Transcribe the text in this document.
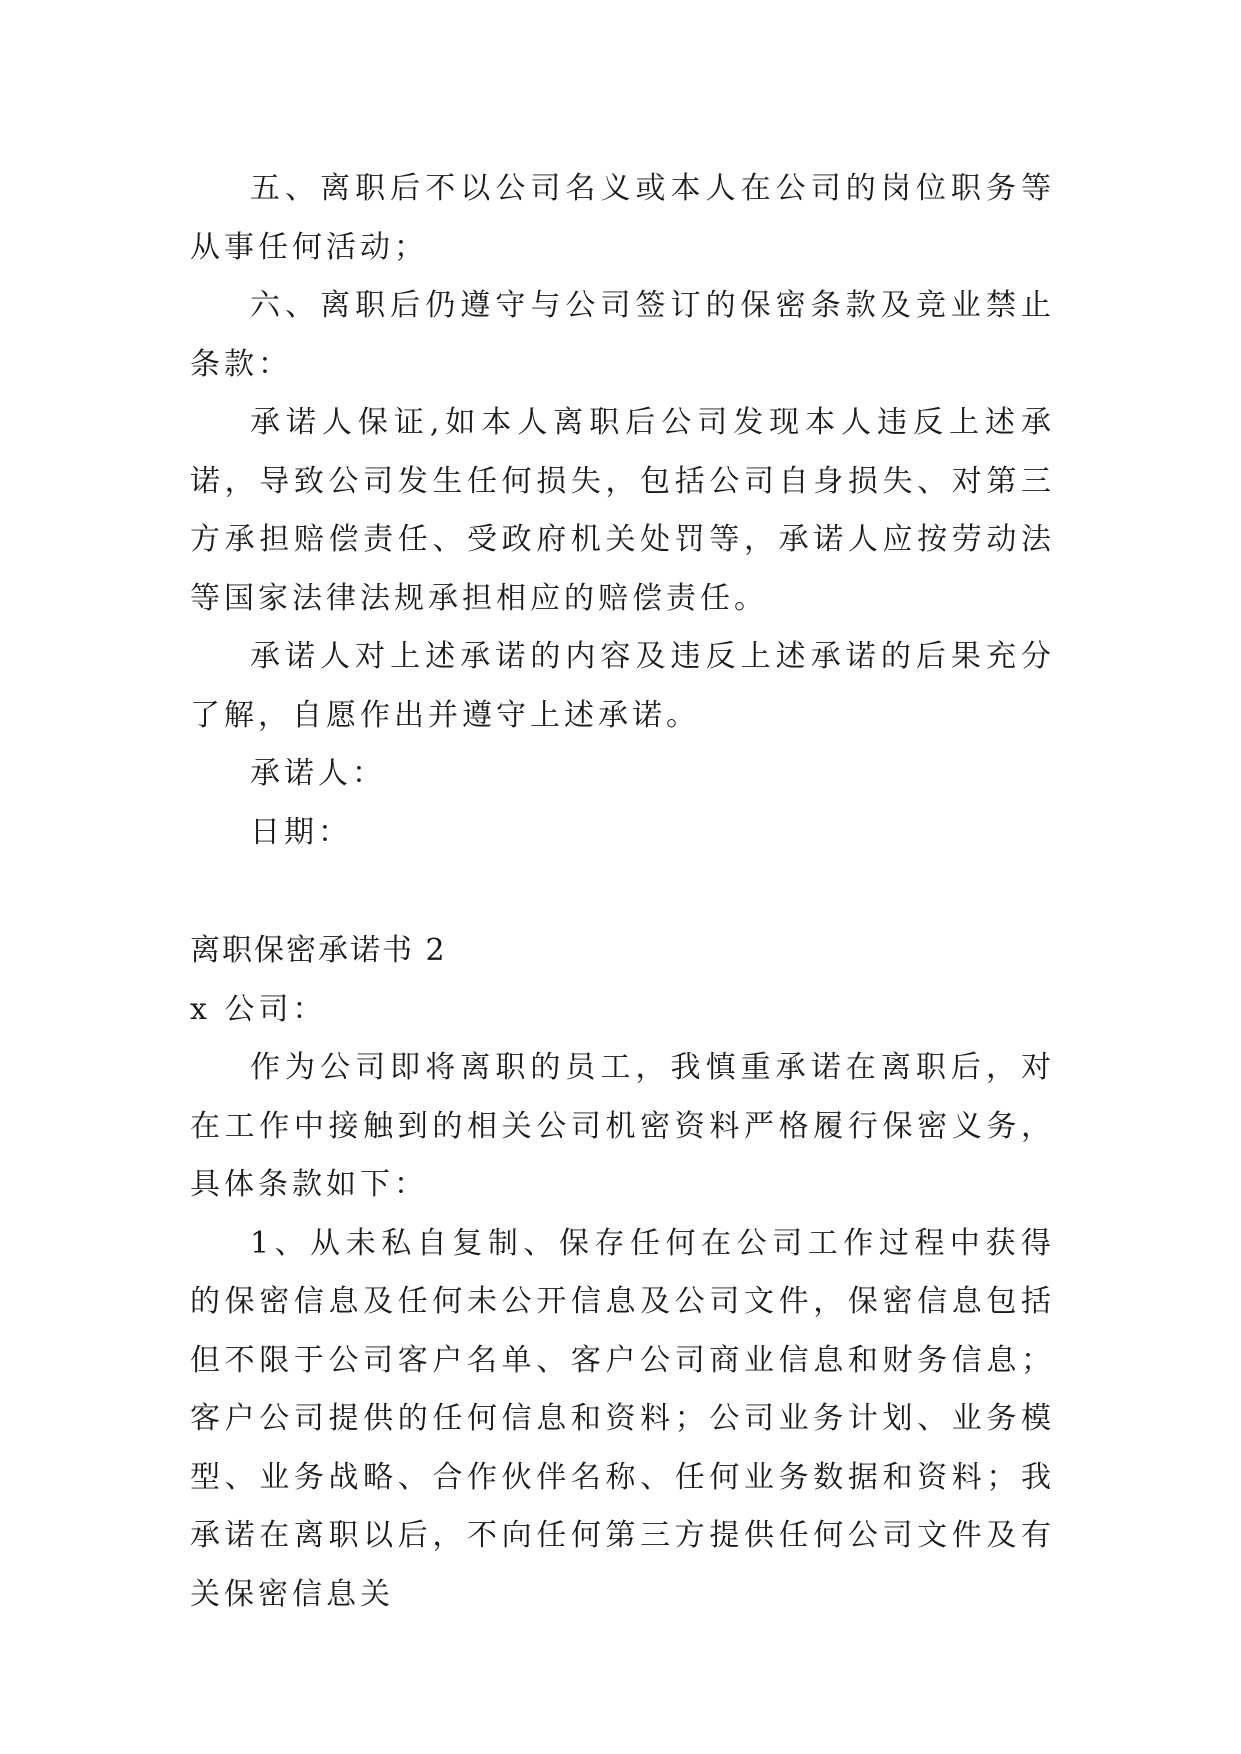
五、离职后不以公司名义或本人在公司的岗位职务等从事任何活动；

六、离职后仍遵守与公司签订的保密条款及竞业禁止条款：

承诺人保证,如本人离职后公司发现本人违反上述承诺，导致公司发生任何损失，包括公司自身损失、对第三方承担赔偿责任、受政府机关处罚等，承诺人应按劳动法等国家法律法规承担相应的赔偿责任。

承诺人对上述承诺的内容及违反上述承诺的后果充分了解，自愿作出并遵守上述承诺。

承诺人：

日期：

离职保密承诺书 2

x 公司：

作为公司即将离职的员工，我慎重承诺在离职后，对在工作中接触到的相关公司机密资料严格履行保密义务，具体条款如下：

1、从未私自复制、保存任何在公司工作过程中获得的保密信息及任何未公开信息及公司文件，保密信息包括但不限于公司客户名单、客户公司商业信息和财务信息；客户公司提供的任何信息和资料；公司业务计划、业务模型、业务战略、合作伙伴名称、任何业务数据和资料；我承诺在离职以后，不向任何第三方提供任何公司文件及有关保密信息关
